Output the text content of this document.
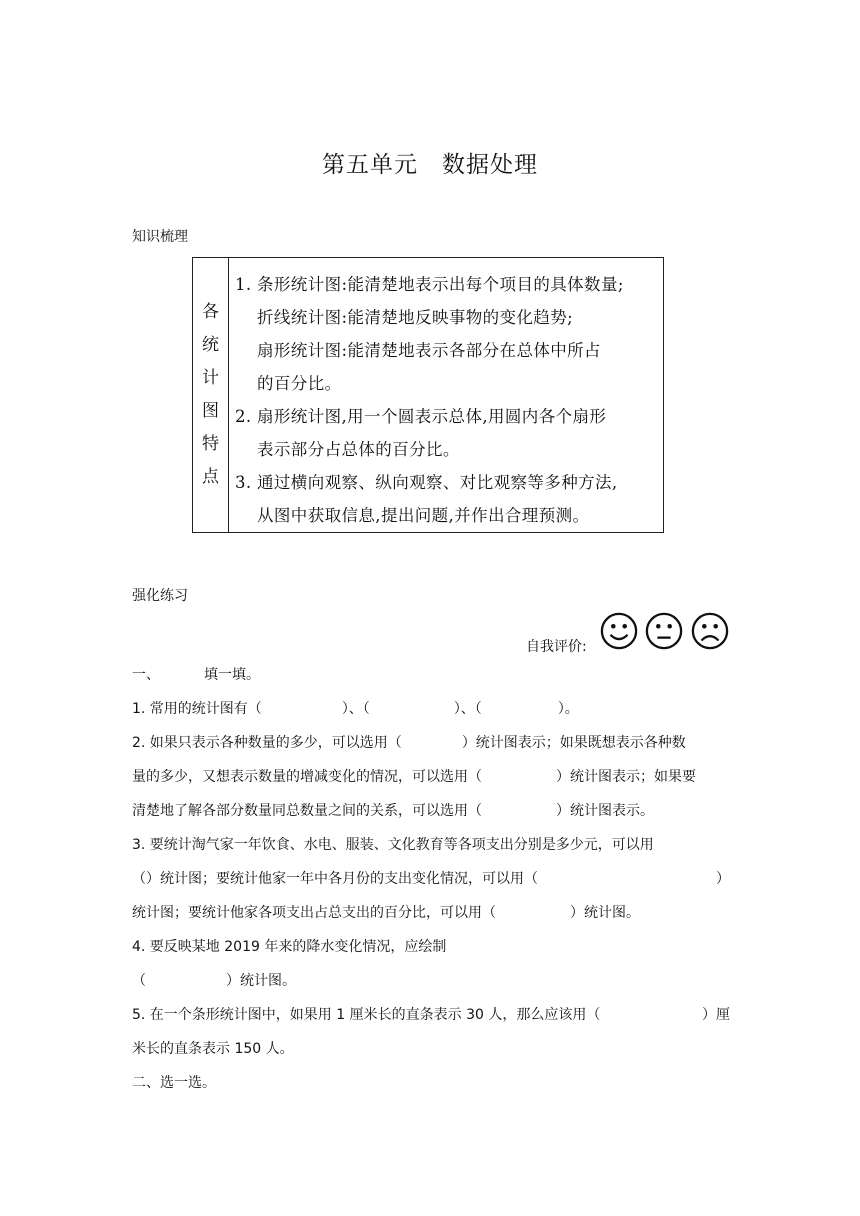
第五单元 数据处理
知识梳理
各
统
计
图
特
点
1. 条形统计图:能清楚地表示出每个项目的具体数量;
折线统计图:能清楚地反映事物的变化趋势;
扇形统计图:能清楚地表示各部分在总体中所占
的百分比。
2. 扇形统计图,用一个圆表示总体,用圆内各个扇形
表示部分占总体的百分比。
3. 通过横向观察、纵向观察、对比观察等多种方法,
从图中获取信息,提出问题,并作出合理预测。
强化练习
自我评价:
一、	填一填。
1. 常用的统计图有（	）、（	）、（	）。
2. 如果只表示各种数量的多少，可以选用（	）统计图表示；如果既想表示各种数
量的多少，又想表示数量的增减变化的情况，可以选用（	）统计图表示；如果要
清楚地了解各部分数量同总数量之间的关系，可以选用（	）统计图表示。
3. 要统计淘气家一年饮食、水电、服装、文化教育等各项支出分别是多少元，可以用
（）统计图；要统计他家一年中各月份的支出变化情况，可以用（	）
统计图；要统计他家各项支出占总支出的百分比，可以用（	）统计图。
4. 要反映某地 2019 年来的降水变化情况，应绘制
（	）统计图。
5. 在一个条形统计图中，如果用 1 厘米长的直条表示 30 人，那么应该用（	）厘
米长的直条表示 150 人。
二、选一选。
